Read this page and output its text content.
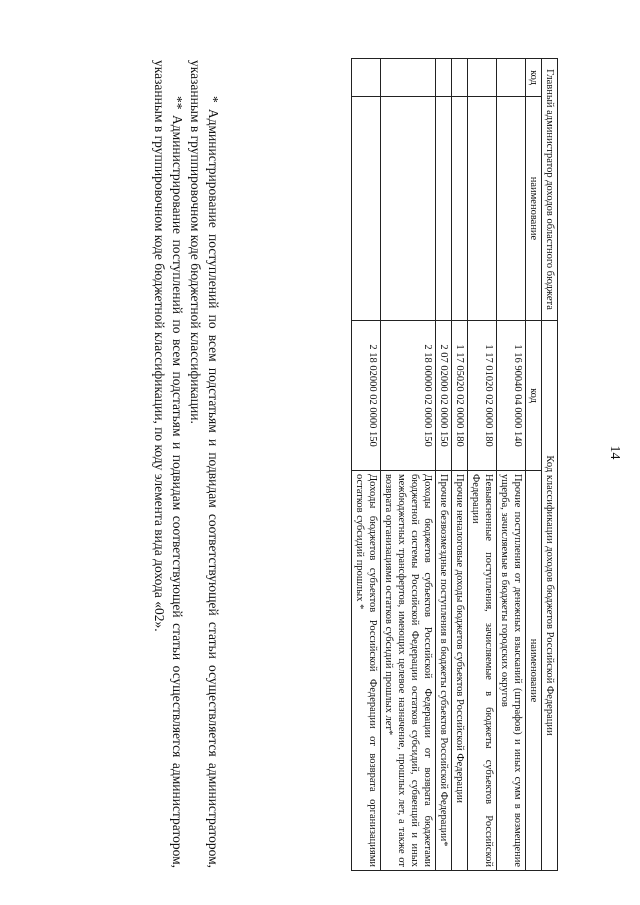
14
Главный администратор доходов областного бюджета		Код классификации доходов бюджетов Российской Федерации	
код	наименование	код	наименование
		1 16 90040 04 0000 140	Прочие поступления от денежных взысканий (штрафов) и иных сумм в возмещение ущерба, зачисляемые в бюджеты городских округов
		1 17 01020 02 0000 180	Невыясненные поступления, зачисляемые в бюджеты субъектов Российской Федерации
		1 17 05020 02 0000 180	Прочие неналоговые доходы бюджетов субъектов Российской Федерации
		2 07 02000 02 0000 150	Прочие безвозмездные поступления в бюджеты субъектов Российской Федерации*
		2 18 00000 02 0000 150	Доходы бюджетов субъектов Российской Федерации от возврата бюджетами бюджетной системы Российской Федерации остатков субсидий, субвенций и иных межбюджетных трансфертов, имеющих целевое назначение, прошлых лет, а также от возврата организациями остатков субсидий прошлых лет*
		2 18 02000 02 0000 150	Доходы бюджетов субъектов Российской Федерации от возврата организациями остатков субсидий прошлых *

* Администрирование поступлений по всем подстатьям и подвидам соответствующей статьи осуществляется администратором, указанным в группировочном коде бюджетной классификации.

** Администрирование поступлений по всем подстатьям и подвидам соответствующей статьи осуществляется администратором, указанным в группировочном коде бюджетной классификации, по коду элемента вида дохода «02».
